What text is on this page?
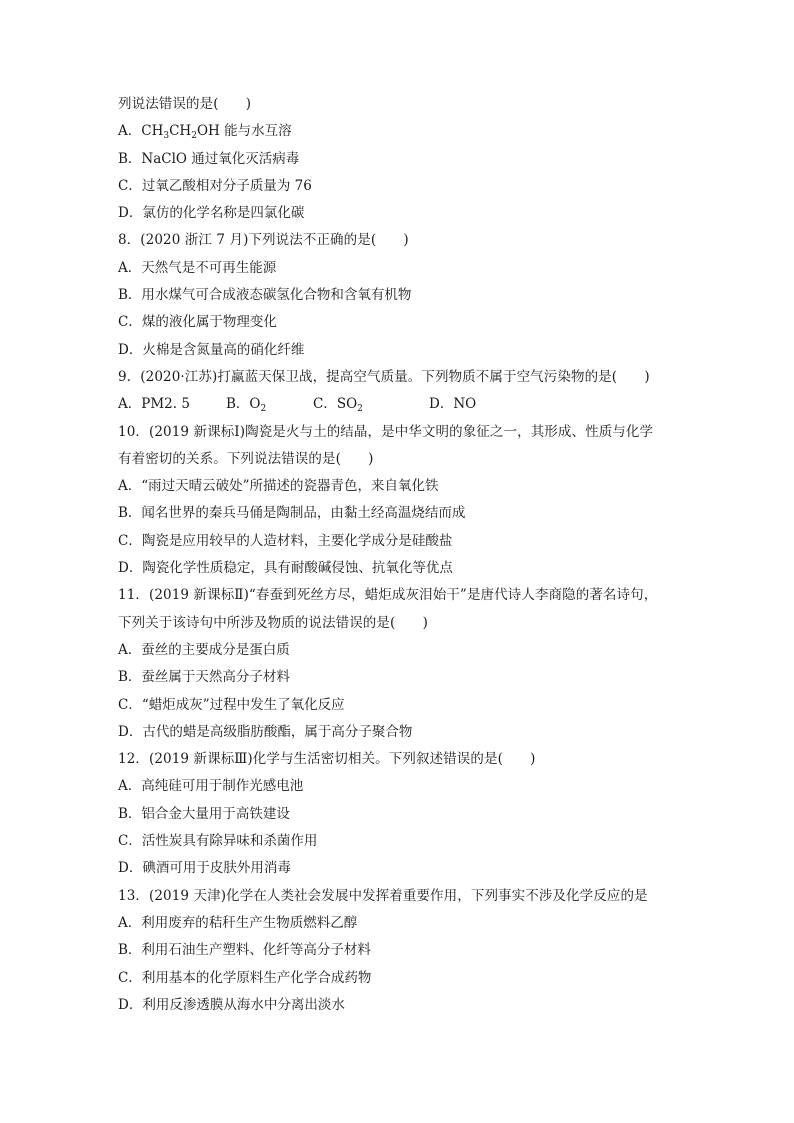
列说法错误的是(　　)
A．$CH_3CH_2OH$ 能与水互溶
B．NaClO 通过氧化灭活病毒
C．过氧乙酸相对分子质量为 76
D．氯仿的化学名称是四氯化碳
8．(2020 浙江 7 月)下列说法不正确的是(　　)
A．天然气是不可再生能源
B．用水煤气可合成液态碳氢化合物和含氧有机物
C．煤的液化属于物理变化
D．火棉是含氮量高的硝化纤维
9．(2020·江苏)打赢蓝天保卫战，提高空气质量。下列物质不属于空气污染物的是(　　)
A．PM2. 5	B．$O_2$	C．$SO_2$	D．NO
10．(2019 新课标Ⅰ)陶瓷是火与土的结晶，是中华文明的象征之一，其形成、性质与化学
有着密切的关系。下列说法错误的是(　　)
A．“雨过天晴云破处”所描述的瓷器青色，来自氧化铁
B．闻名世界的秦兵马俑是陶制品，由黏土经高温烧结而成
C．陶瓷是应用较早的人造材料，主要化学成分是硅酸盐
D．陶瓷化学性质稳定，具有耐酸碱侵蚀、抗氧化等优点
11．(2019 新课标Ⅱ)“春蚕到死丝方尽，蜡炬成灰泪始干”是唐代诗人李商隐的著名诗句，
下列关于该诗句中所涉及物质的说法错误的是(　　)
A．蚕丝的主要成分是蛋白质
B．蚕丝属于天然高分子材料
C．“蜡炬成灰”过程中发生了氧化反应
D．古代的蜡是高级脂肪酸酯，属于高分子聚合物
12．(2019 新课标Ⅲ)化学与生活密切相关。下列叙述错误的是(　　)
A．高纯硅可用于制作光感电池
B．铝合金大量用于高铁建设
C．活性炭具有除异味和杀菌作用
D．碘酒可用于皮肤外用消毒
13．(2019 天津)化学在人类社会发展中发挥着重要作用，下列事实不涉及化学反应的是
A．利用废弃的秸秆生产生物质燃料乙醇
B．利用石油生产塑料、化纤等高分子材料
C．利用基本的化学原料生产化学合成药物
D．利用反渗透膜从海水中分离出淡水
